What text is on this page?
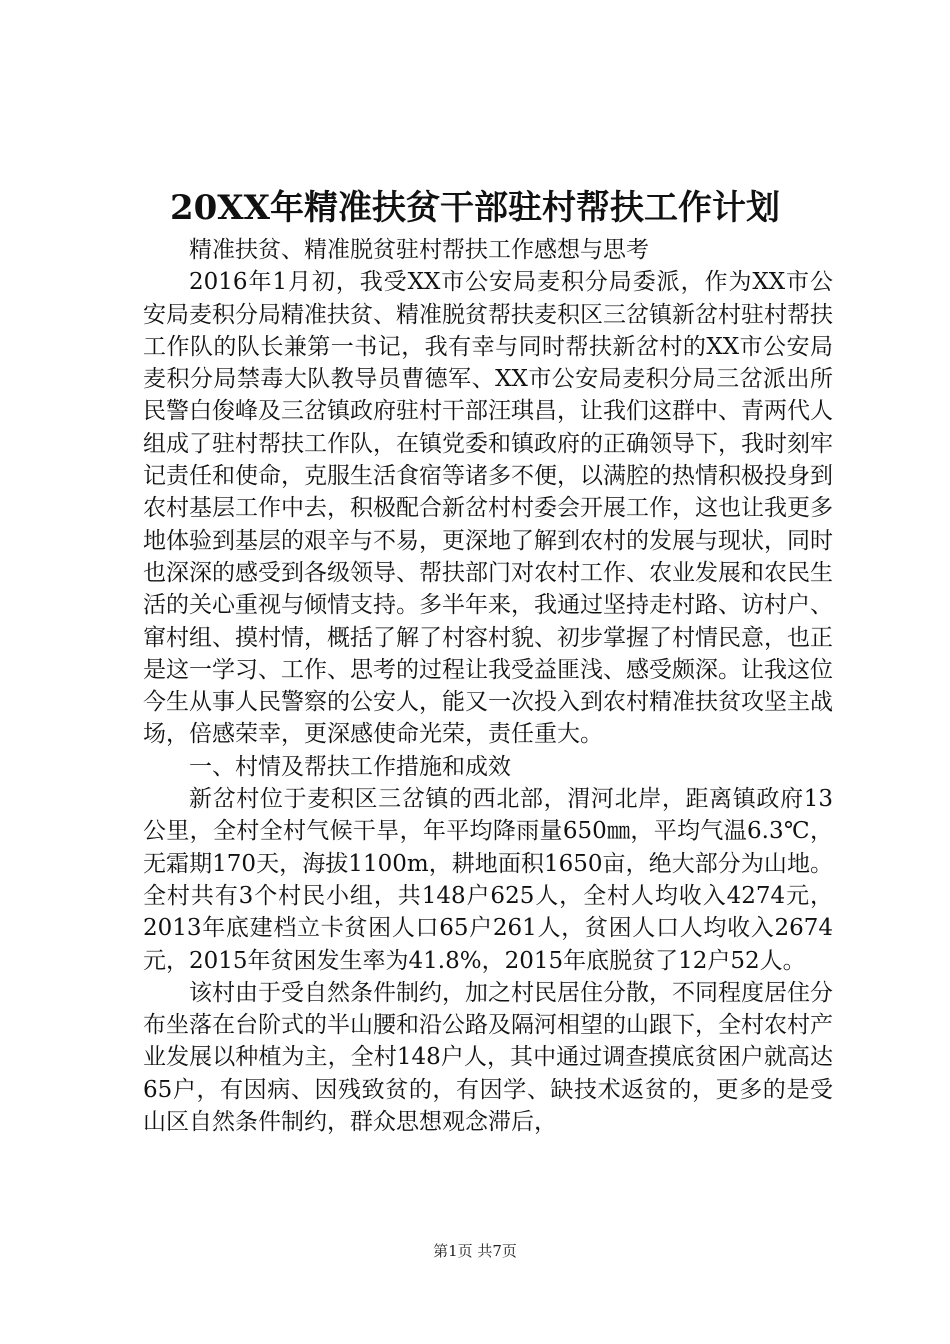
20XX年精准扶贫干部驻村帮扶工作计划

精准扶贫、精准脱贫驻村帮扶工作感想与思考

2016年1月初，我受XX市公安局麦积分局委派，作为XX市公安局麦积分局精准扶贫、精准脱贫帮扶麦积区三岔镇新岔村驻村帮扶工作队的队长兼第一书记，我有幸与同时帮扶新岔村的XX市公安局麦积分局禁毒大队教导员曹德军、XX市公安局麦积分局三岔派出所民警白俊峰及三岔镇政府驻村干部汪琪昌，让我们这群中、青两代人组成了驻村帮扶工作队，在镇党委和镇政府的正确领导下，我时刻牢记责任和使命，克服生活食宿等诸多不便，以满腔的热情积极投身到农村基层工作中去，积极配合新岔村村委会开展工作，这也让我更多地体验到基层的艰辛与不易，更深地了解到农村的发展与现状，同时也深深的感受到各级领导、帮扶部门对农村工作、农业发展和农民生活的关心重视与倾情支持。多半年来，我通过坚持走村路、访村户、窜村组、摸村情，概括了解了村容村貌、初步掌握了村情民意，也正是这一学习、工作、思考的过程让我受益匪浅、感受颇深。让我这位今生从事人民警察的公安人，能又一次投入到农村精准扶贫攻坚主战场，倍感荣幸，更深感使命光荣，责任重大。

一、村情及帮扶工作措施和成效

新岔村位于麦积区三岔镇的西北部，渭河北岸，距离镇政府13公里，全村全村气候干旱，年平均降雨量650㎜，平均气温6.3℃，无霜期170天，海拔1100m，耕地面积1650亩，绝大部分为山地。全村共有3个村民小组，共148户625人，全村人均收入4274元，2013年底建档立卡贫困人口65户261人，贫困人口人均收入2674元，2015年贫困发生率为41.8%，2015年底脱贫了12户52人。

该村由于受自然条件制约，加之村民居住分散，不同程度居住分布坐落在台阶式的半山腰和沿公路及隔河相望的山跟下，全村农村产业发展以种植为主，全村148户人，其中通过调查摸底贫困户就高达65户，有因病、因残致贫的，有因学、缺技术返贫的，更多的是受山区自然条件制约，群众思想观念滞后，

第1页 共7页
